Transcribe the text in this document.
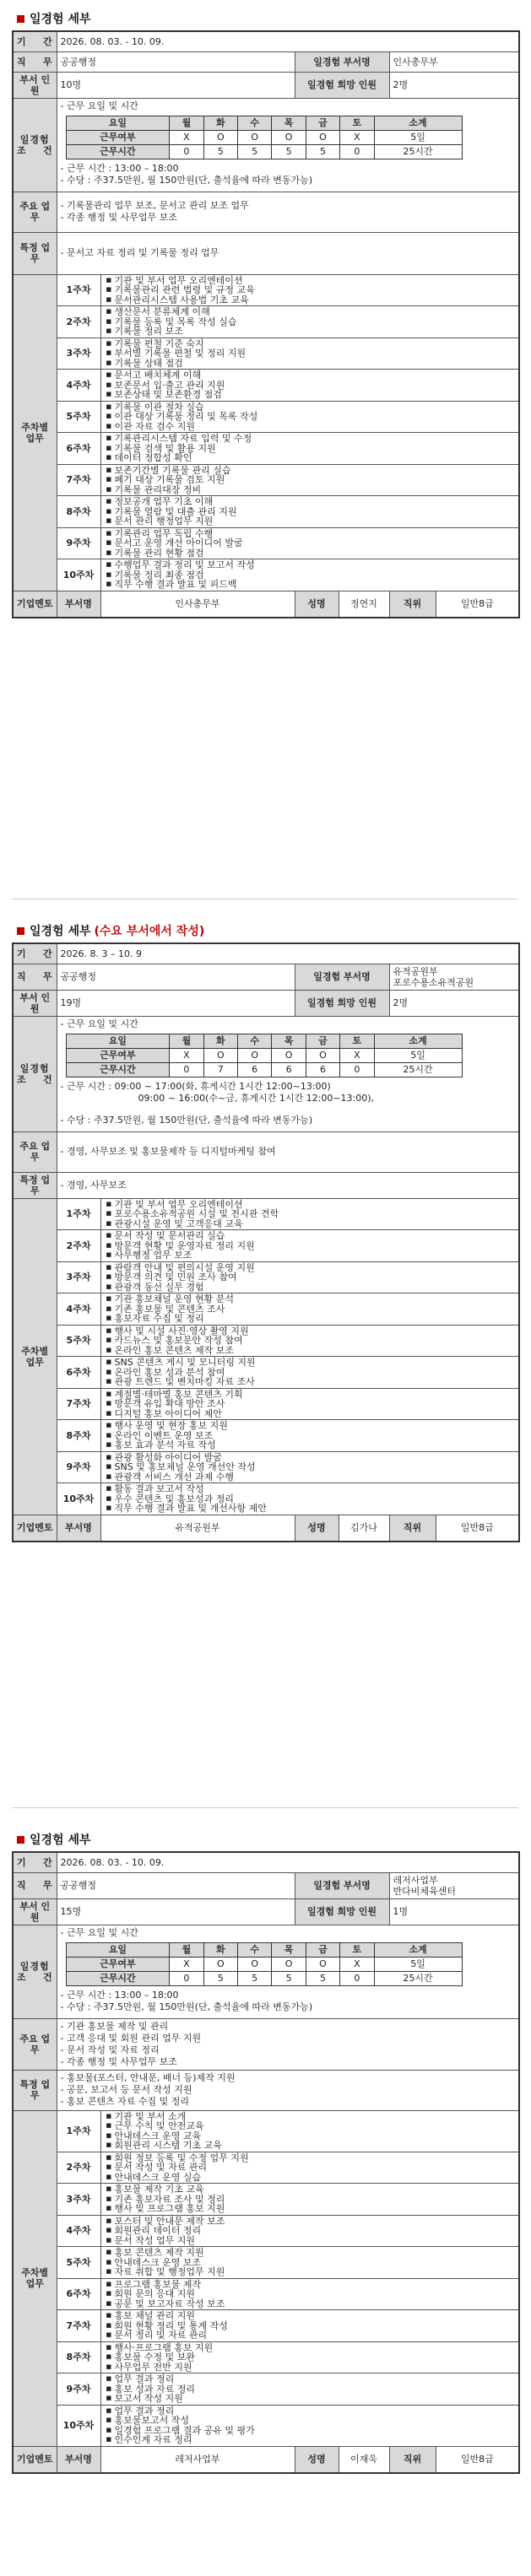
일경험 세부
기    간	2026. 08. 03. - 10. 09.
직    무	공공행정	일경험 부서명	인사총무부
부서 인원	10명	일경험 희망 인원	2명
일경험
조    건	
- 근무 요일 및 시간
요일	월	화	수	목	금	토	소계
근무여부	X	O	O	O	O	X	5일
근무시간	0	5	5	5	5	0	25시간
- 근무 시간 : 13:00 – 18:00
- 수당 : 주37.5만원, 월 150만원(단, 출석율에 따라 변동가능)

주요 업무	
- 기록물관리 업무 보조, 문서고 관리 보조 업무
- 각종 행정 및 사무업무 보조

특정 업무	
- 문서고 자료 정리 및 기록물 정리 업무

주차별 업무	1주차	
■ 기관 및 부서 업무 오리엔테이션
■ 기록물관리 관련 법령 및 규정 교육
■ 문서관리시스템 사용법 기초 교육

2주차	
■ 생산문서 분류체계 이해
■ 기록물 등록 및 목록 작성 실습
■ 기록물 정리 보조

3주차	
■ 기록물 편철 기준 숙지
■ 부서별 기록물 편철 및 정리 지원
■ 기록물 상태 점검

4주차	
■ 문서고 배치체계 이해
■ 보존문서 입·출고 관리 지원
■ 보존상태 및 보존환경 점검

5주차	
■ 기록물 이관 절차 실습
■ 이관 대상 기록물 정리 및 목록 작성
■ 이관 자료 검수 지원

6주차	
■ 기록관리시스템 자료 입력 및 수정
■ 기록물 검색 및 활용 지원
■ 데이터 정합성 확인

7주차	
■ 보존기간별 기록물 관리 실습
■ 폐기 대상 기록물 검토 지원
■ 기록물 관리대장 정비

8주차	
■ 정보공개 업무 기초 이해
■ 기록물 열람 및 대출 관리 지원
■ 문서 관리 행정업무 지원

9주차	
■ 기록관리 업무 독립 수행
■ 문서고 운영 개선 아이디어 발굴
■ 기록물 관리 현황 점검

10주차	
■ 수행업무 결과 정리 및 보고서 작성
■ 기록물 정리 최종 점검
■ 직무 수행 결과 발표 및 피드백

기업멘토	부서명	인사총무부	성명	정연지	직위	일반8급
일경험 세부 (수요 부서에서 작성)
기    간	2026. 8. 3 – 10. 9
직    무	공공행정	일경험 부서명	유적공원부
포로수용소유적공원
부서 인원	19명	일경험 희망 인원	2명
일경험
조    건	
- 근무 요일 및 시간
요일	월	화	수	목	금	토	소계
근무여부	X	O	O	O	O	X	5일
근무시간	0	7	6	6	6	0	25시간
- 근무 시간 : 09:00 ~ 17:00(화, 휴게시간 1시간 12:00~13:00)
09:00 ~ 16:00(수~금, 휴게시간 1시간 12:00~13:00),
- 수당 : 주37.5만원, 월 150만원(단, 출석율에 따라 변동가능)

주요 업무	
- 경영, 사무보조 및 홍보물제작 등 디지털마케팅 참여

특정 업무	
- 경영, 사무보조

주차별 업무	1주차	
■ 기관 및 부서 업무 오리엔테이션
■ 포로수용소유적공원 시설 및 전시관 견학
■ 관광시설 운영 및 고객응대 교육

2주차	
■ 문서 작성 및 문서관리 실습
■ 방문객 현황 및 운영자료 정리 지원
■ 사무행정 업무 보조

3주차	
■ 관람객 안내 및 편의시설 운영 지원
■ 방문객 의견 및 민원 조사 참여
■ 관광객 동선 실무 경험

4주차	
■ 기관 홍보채널 운영 현황 분석
■ 기존 홍보물 및 콘텐츠 조사
■ 홍보자료 수집 및 정리

5주차	
■ 행사 및 시설 사진·영상 촬영 지원
■ 카드뉴스 및 홍보문안 작성 참여
■ 온라인 홍보 콘텐츠 제작 보조

6주차	
■ SNS 콘텐츠 게시 및 모니터링 지원
■ 온라인 홍보 성과 분석 참여
■ 관광 트렌드 및 벤치마킹 자료 조사

7주차	
■ 계절별·테마별 홍보 콘텐츠 기획
■ 방문객 유입 확대 방안 조사
■ 디지털 홍보 아이디어 제안

8주차	
■ 행사 운영 및 현장 홍보 지원
■ 온라인 이벤트 운영 보조
■ 홍보 효과 분석 자료 작성

9주차	
■ 관광 활성화 아이디어 발굴
■ SNS 및 홍보채널 운영 개선안 작성
■ 관광객 서비스 개선 과제 수행

10주차	
■ 활동 결과 보고서 작성
■ 우수 콘텐츠 및 홍보성과 정리
■ 직무 수행 결과 발표 및 개선사항 제안

기업멘토	부서명	유적공원부	성명	김가나	직위	일반8급
일경험 세부
기    간	2026. 08. 03. - 10. 09.
직    무	공공행정	일경험 부서명	레저사업부
반다비체육센터
부서 인원	15명	일경험 희망 인원	1명
일경험
조    건	
- 근무 요일 및 시간
요일	월	화	수	목	금	토	소계
근무여부	X	O	O	O	O	X	5일
근무시간	0	5	5	5	5	0	25시간
- 근무 시간 : 13:00 – 18:00
- 수당 : 주37.5만원, 월 150만원(단, 출석율에 따라 변동가능)

주요 업무	
- 기관 홍보물 제작 및 관리
- 고객 응대 및 회원 관리 업무 지원
- 문서 작성 및 자료 정리
- 각종 행정 및 사무업무 보조

특정 업무	
- 홍보물(포스터, 안내문, 배너 등)제작 지원
- 공문, 보고서 등 문서 작성 지원
- 홍보 콘텐츠 자료 수집 및 정리

주차별 업무	1주차	
■ 기관 및 부서 소개
■ 근무 수칙 및 안전교육
■ 안내데스크 운영 교육
■ 회원관리 시스템 기초 교육

2주차	
■ 회원 정보 등록 및 수정 업무 지원
■ 문서 작성 및 자료 관리
■ 안내데스크 운영 실습

3주차	
■ 홍보물 제작 기초 교육
■ 기존 홍보자료 조사 및 정리
■ 행사 및 프로그램 홍보 지원

4주차	
■ 포스터 및 안내문 제작 보조
■ 회원관리 데이터 정리
■ 문서 작성 업무 지원

5주차	
■ 홍보 콘텐츠 제작 지원
■ 안내데스크 운영 보조
■ 자료 취합 및 행정업무 지원

6주차	
■ 프로그램 홍보물 제작
■ 회원 문의 응대 지원
■ 공문 및 보고자료 작성 보조

7주차	
■ 홍보 채널 관리 지원
■ 회원 현황 정리 및 통계 작성
■ 문서 정리 및 자료 관리

8주차	
■ 행사·프로그램 홍보 지원
■ 홍보물 수정 및 보완
■ 사무업무 전반 지원

9주차	
■ 업무 결과 정리
■ 홍보 성과 자료 정리
■ 보고서 작성 지원

10주차	
■ 업무 결과 정리
■ 홍보물보고서 작성
■ 일경험 프로그램 결과 공유 및 평가
■ 인수인계 자료 정리

기업멘토	부서명	레저사업부	성명	이재욱	직위	일반8급
